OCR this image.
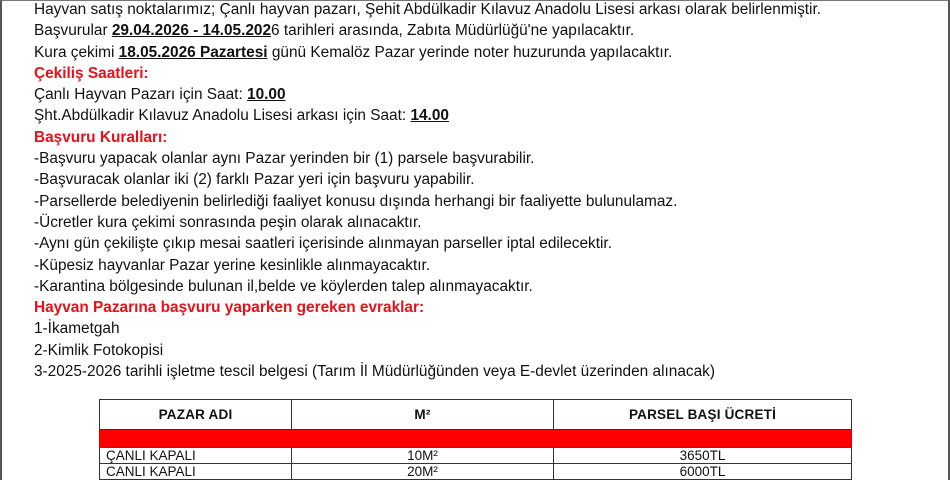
Hayvan satış noktalarımız; Çanlı hayvan pazarı, Şehit Abdülkadir Kılavuz Anadolu Lisesi arkası olarak belirlenmiştir.
Başvurular 29.04.2026 - 14.05.2026 tarihleri arasında, Zabıta Müdürlüğü'ne yapılacaktır.
Kura çekimi 18.05.2026 Pazartesi günü Kemalöz Pazar yerinde noter huzurunda yapılacaktır.
Çekiliş Saatleri:
Çanlı Hayvan Pazarı için Saat: 10.00
Şht.Abdülkadir Kılavuz Anadolu Lisesi arkası için Saat: 14.00
Başvuru Kuralları:
-Başvuru yapacak olanlar aynı Pazar yerinden bir (1) parsele başvurabilir.
-Başvuracak olanlar iki (2) farklı Pazar yeri için başvuru yapabilir.
-Parsellerde belediyenin belirlediği faaliyet konusu dışında herhangi bir faaliyette bulunulamaz.
-Ücretler kura çekimi sonrasında peşin olarak alınacaktır.
-Aynı gün çekilişte çıkıp mesai saatleri içerisinde alınmayan parseller iptal edilecektir.
-Küpesiz hayvanlar Pazar yerine kesinlikle alınmayacaktır.
-Karantina bölgesinde bulunan il,belde ve köylerden talep alınmayacaktır.
Hayvan Pazarına başvuru yaparken gereken evraklar:
1-İkametgah
2-Kimlik Fotokopisi
3-2025-2026 tarihli işletme tescil belgesi (Tarım İl Müdürlüğünden veya E-devlet üzerinden alınacak)
PAZAR ADI	M²	PARSEL BAŞI ÜCRETİ

ÇANLI KAPALI	10M²	3650TL
CANLI KAPALI	20M²	6000TL
